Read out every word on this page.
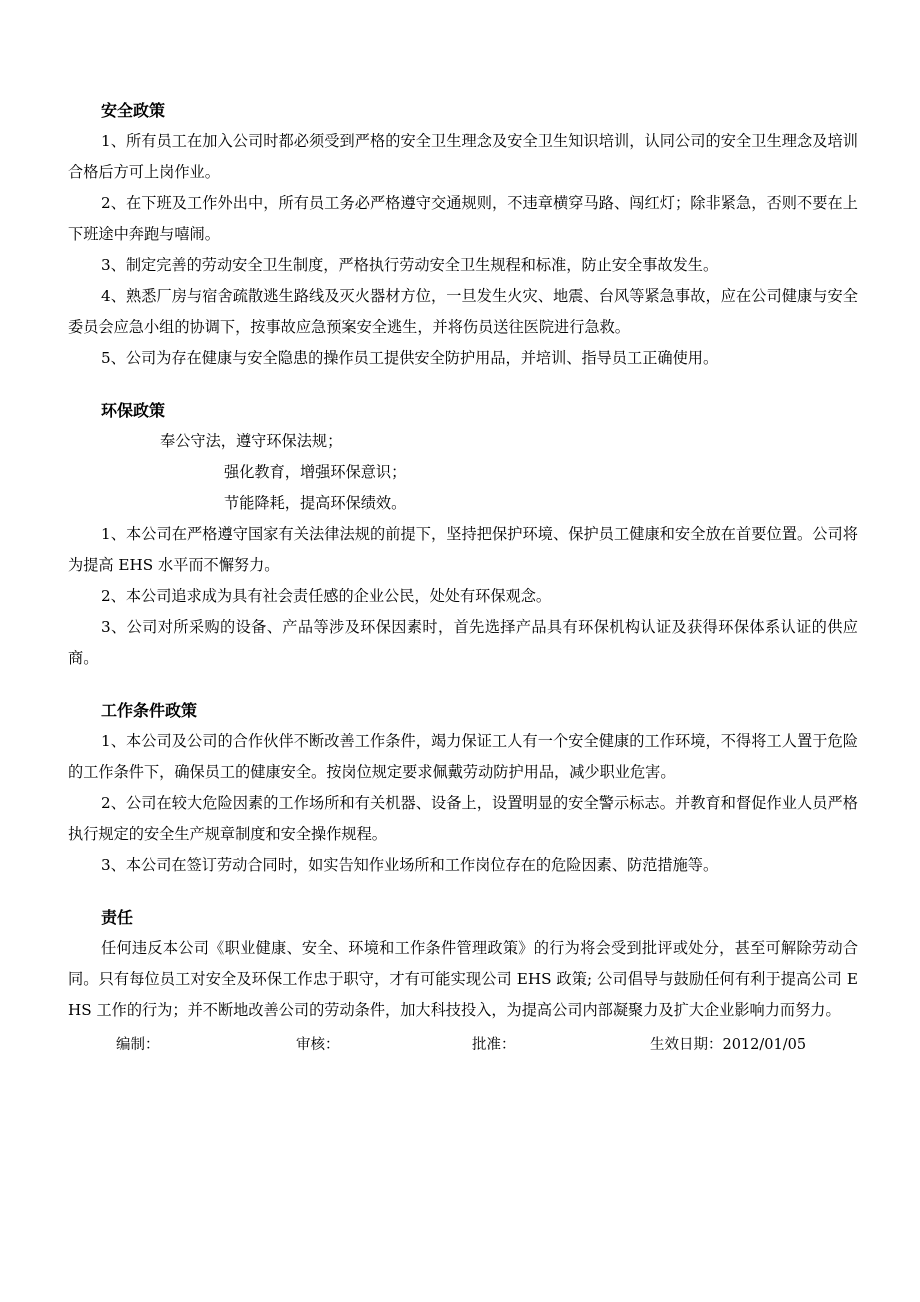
安全政策

1、所有员工在加入公司时都必须受到严格的安全卫生理念及安全卫生知识培训，认同公司的安全卫生理念及培训合格后方可上岗作业。

2、在下班及工作外出中，所有员工务必严格遵守交通规则，不违章横穿马路、闯红灯；除非紧急，否则不要在上下班途中奔跑与嘻闹。

3、制定完善的劳动安全卫生制度，严格执行劳动安全卫生规程和标准，防止安全事故发生。

4、熟悉厂房与宿舍疏散逃生路线及灭火器材方位，一旦发生火灾、地震、台风等紧急事故，应在公司健康与安全委员会应急小组的协调下，按事故应急预案安全逃生，并将伤员送往医院进行急救。

5、公司为存在健康与安全隐患的操作员工提供安全防护用品，并培训、指导员工正确使用。

环保政策

奉公守法，遵守环保法规；

强化教育，增强环保意识；

节能降耗，提高环保绩效。

1、本公司在严格遵守国家有关法律法规的前提下，坚持把保护环境、保护员工健康和安全放在首要位置。公司将为提高 EHS 水平而不懈努力。

2、本公司追求成为具有社会责任感的企业公民，处处有环保观念。

3、公司对所采购的设备、产品等涉及环保因素时，首先选择产品具有环保机构认证及获得环保体系认证的供应商。

工作条件政策

1、本公司及公司的合作伙伴不断改善工作条件，竭力保证工人有一个安全健康的工作环境，不得将工人置于危险的工作条件下，确保员工的健康安全。按岗位规定要求佩戴劳动防护用品，减少职业危害。

2、公司在较大危险因素的工作场所和有关机器、设备上，设置明显的安全警示标志。并教育和督促作业人员严格执行规定的安全生产规章制度和安全操作规程。

3、本公司在签订劳动合同时，如实告知作业场所和工作岗位存在的危险因素、防范措施等。

责任

任何违反本公司《职业健康、安全、环境和工作条件管理政策》的行为将会受到批评或处分，甚至可解除劳动合同。只有每位员工对安全及环保工作忠于职守，才有可能实现公司 EHS 政策; 公司倡导与鼓励任何有利于提高公司 EHS 工作的行为；并不断地改善公司的劳动条件，加大科技投入，为提高公司内部凝聚力及扩大企业影响力而努力。

编制：	审核：	批准：	生效日期：2012/01/05
